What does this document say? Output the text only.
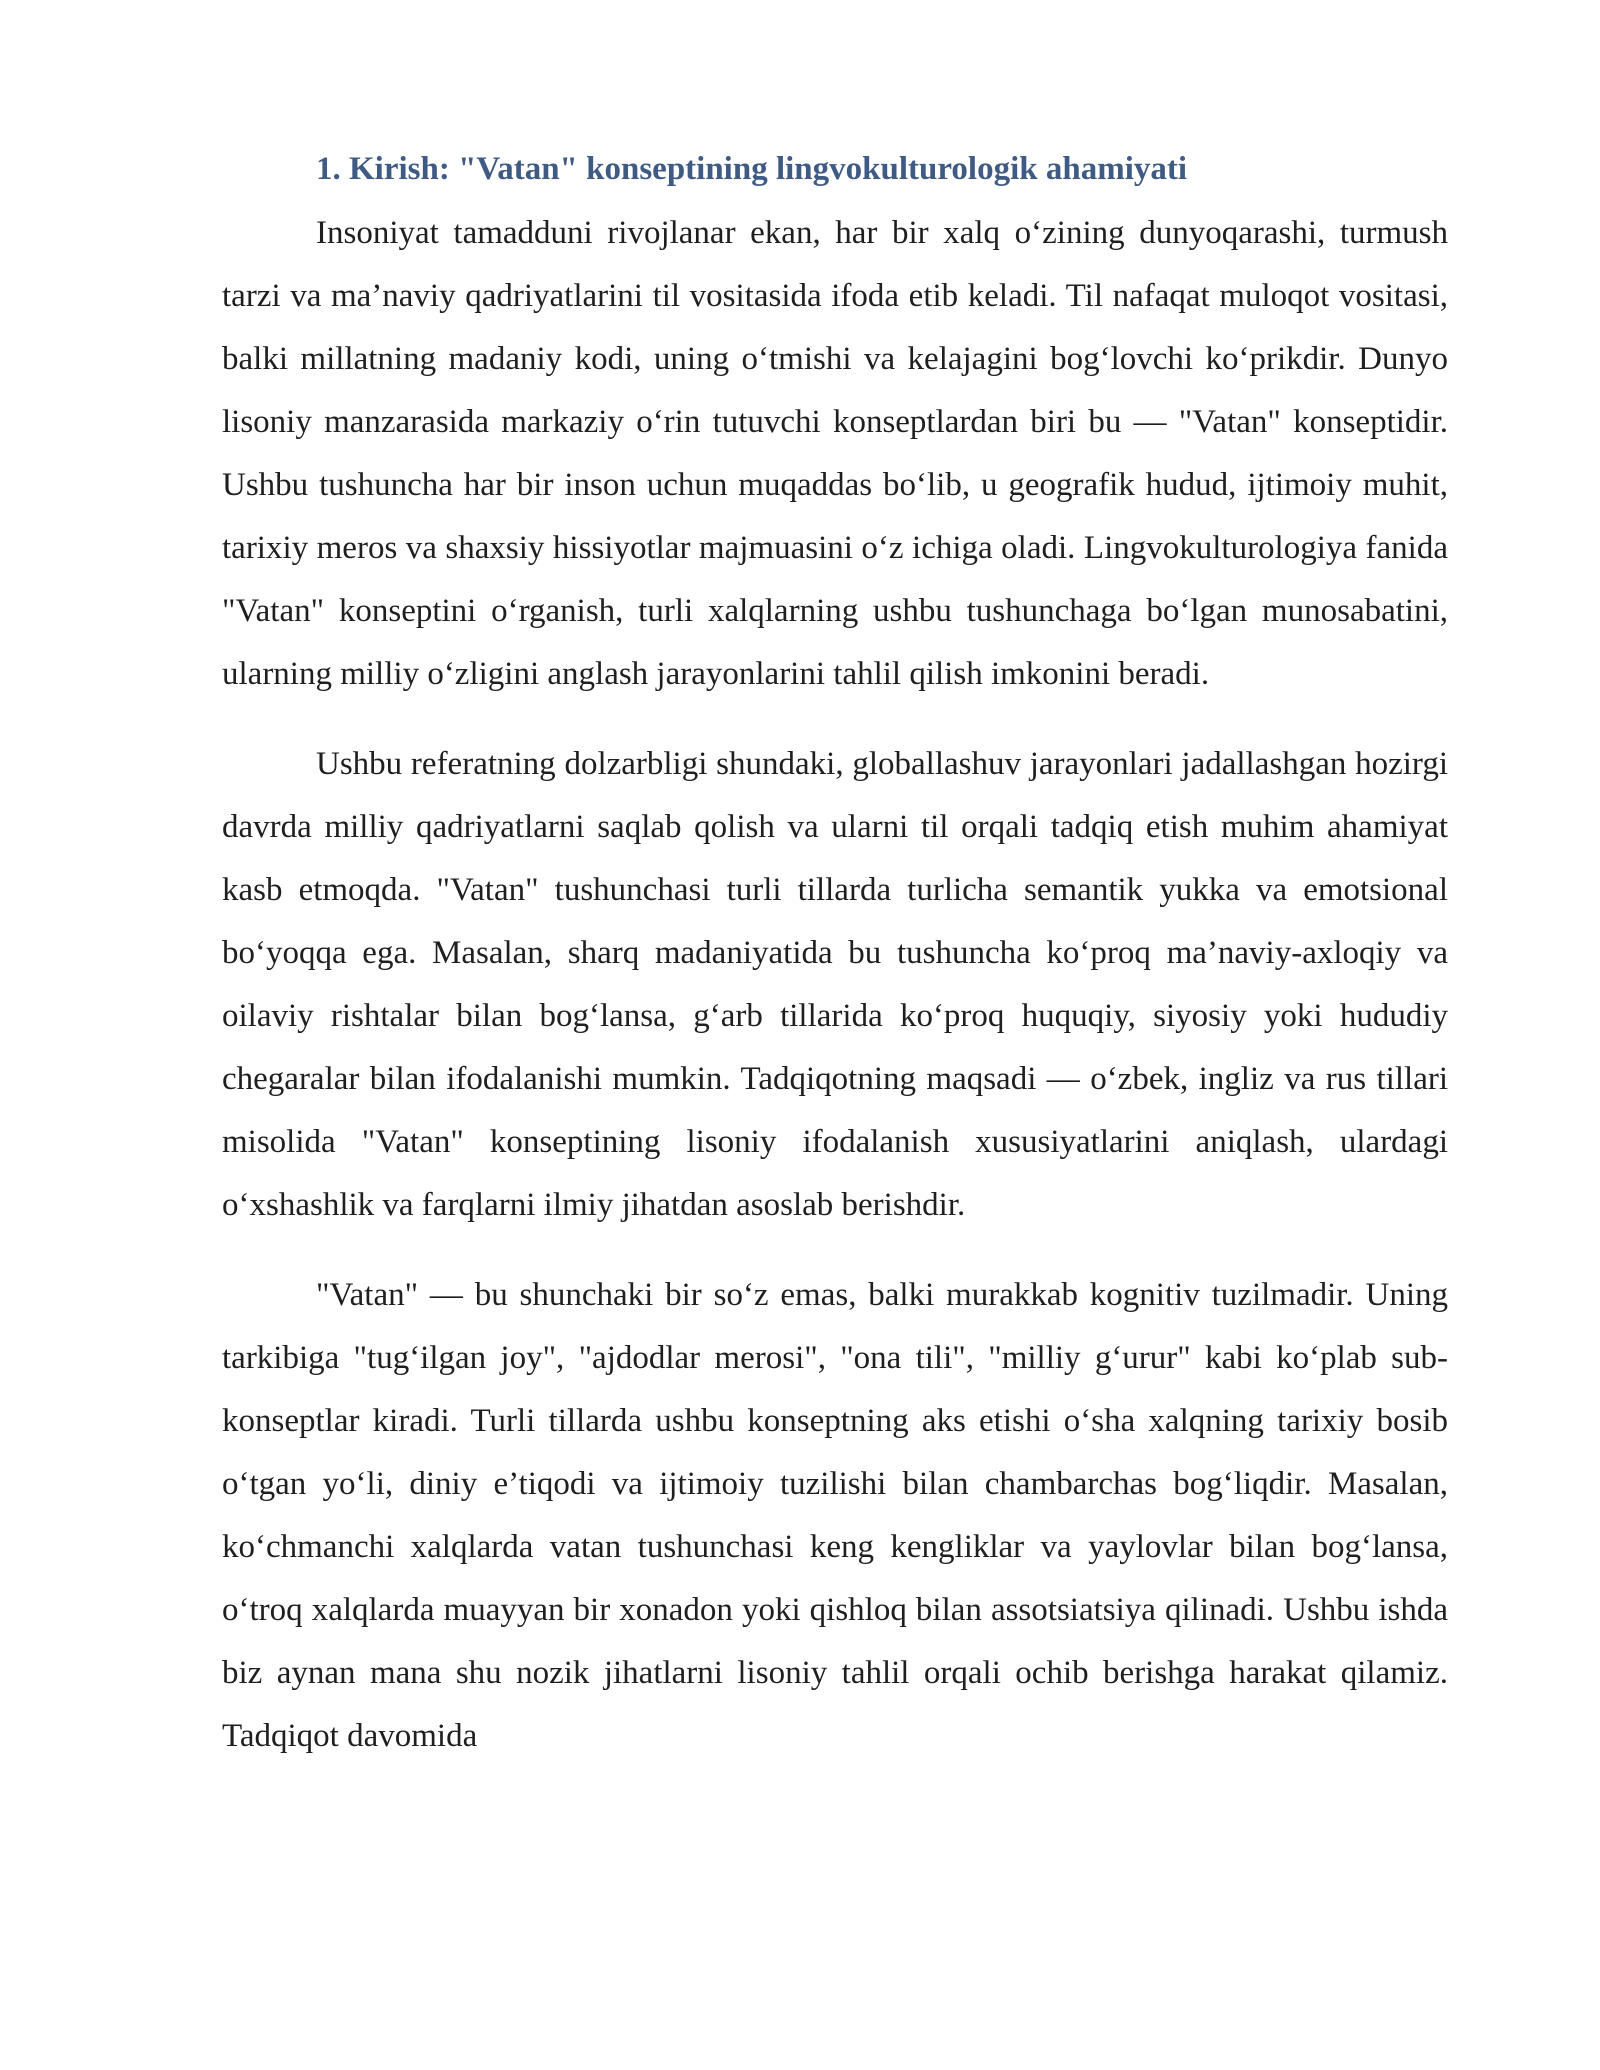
1. Kirish: "Vatan" konseptining lingvokulturologik ahamiyati

Insoniyat tamadduni rivojlanar ekan, har bir xalq o‘zining dunyoqarashi, turmush tarzi va ma’naviy qadriyatlarini til vositasida ifoda etib keladi. Til nafaqat muloqot vositasi, balki millatning madaniy kodi, uning o‘tmishi va kelajagini bog‘lovchi ko‘prikdir. Dunyo lisoniy manzarasida markaziy o‘rin tutuvchi konseptlardan biri bu — "Vatan" konseptidir. Ushbu tushuncha har bir inson uchun muqaddas bo‘lib, u geografik hudud, ijtimoiy muhit, tarixiy meros va shaxsiy hissiyotlar majmuasini o‘z ichiga oladi. Lingvokulturologiya fanida "Vatan" konseptini o‘rganish, turli xalqlarning ushbu tushunchaga bo‘lgan munosabatini, ularning milliy o‘zligini anglash jarayonlarini tahlil qilish imkonini beradi.

Ushbu referatning dolzarbligi shundaki, globallashuv jarayonlari jadallashgan hozirgi davrda milliy qadriyatlarni saqlab qolish va ularni til orqali tadqiq etish muhim ahamiyat kasb etmoqda. "Vatan" tushunchasi turli tillarda turlicha semantik yukka va emotsional bo‘yoqqa ega. Masalan, sharq madaniyatida bu tushuncha ko‘proq ma’naviy-axloqiy va oilaviy rishtalar bilan bog‘lansa, g‘arb tillarida ko‘proq huquqiy, siyosiy yoki hududiy chegaralar bilan ifodalanishi mumkin. Tadqiqotning maqsadi — o‘zbek, ingliz va rus tillari misolida "Vatan" konseptining lisoniy ifodalanish xususiyatlarini aniqlash, ulardagi o‘xshashlik va farqlarni ilmiy jihatdan asoslab berishdir.

"Vatan" — bu shunchaki bir so‘z emas, balki murakkab kognitiv tuzilmadir. Uning tarkibiga "tug‘ilgan joy", "ajdodlar merosi", "ona tili", "milliy g‘urur" kabi ko‘plab sub-konseptlar kiradi. Turli tillarda ushbu konseptning aks etishi o‘sha xalqning tarixiy bosib o‘tgan yo‘li, diniy e’tiqodi va ijtimoiy tuzilishi bilan chambarchas bog‘liqdir. Masalan, ko‘chmanchi xalqlarda vatan tushunchasi keng kengliklar va yaylovlar bilan bog‘lansa, o‘troq xalqlarda muayyan bir xonadon yoki qishloq bilan assotsiatsiya qilinadi. Ushbu ishda biz aynan mana shu nozik jihatlarni lisoniy tahlil orqali ochib berishga harakat qilamiz. Tadqiqot davomida
